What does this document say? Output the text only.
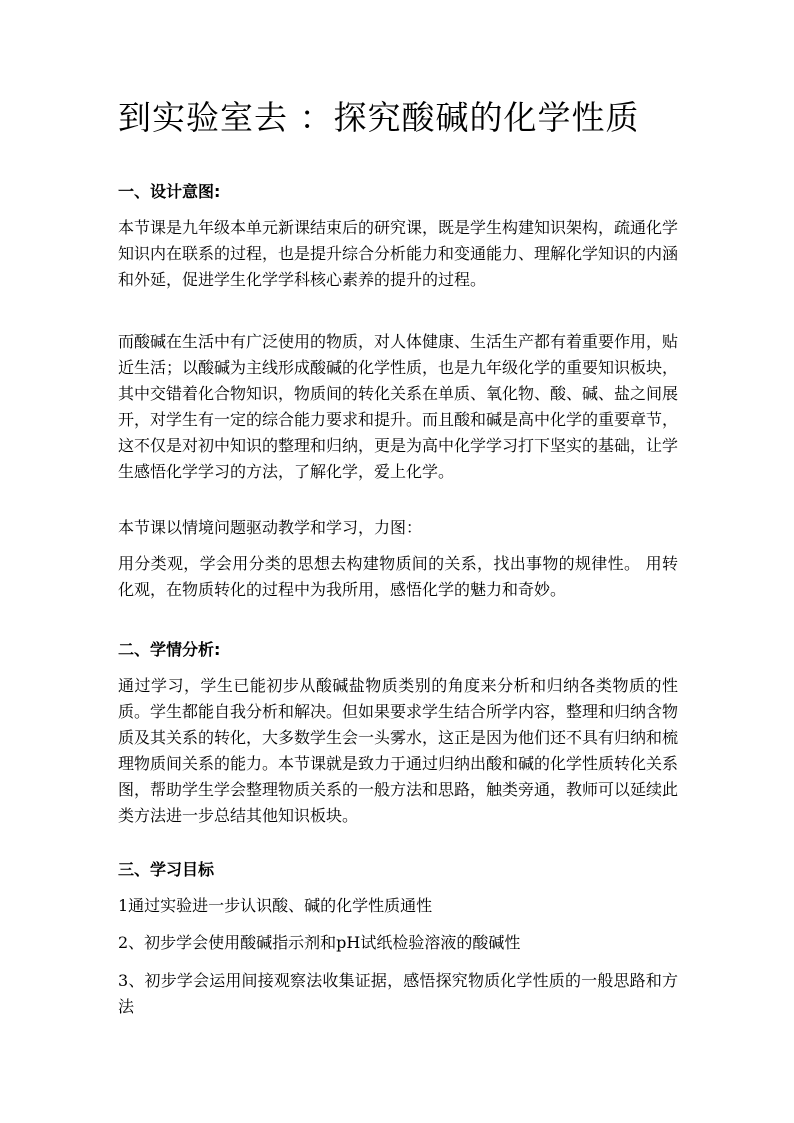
到实验室去 ：探究酸碱的化学性质
一、设计意图:

本节课是九年级本单元新课结束后的研究课，既是学生构建知识架构，疏通化学知识内在联系的过程，也是提升综合分析能力和变通能力、理解化学知识的内涵和外延，促进学生化学学科核心素养的提升的过程。

而酸碱在生活中有广泛使用的物质，对人体健康、生活生产都有着重要作用，贴近生活；以酸碱为主线形成酸碱的化学性质，也是九年级化学的重要知识板块，其中交错着化合物知识，物质间的转化关系在单质、氧化物、酸、碱、盐之间展开，对学生有一定的综合能力要求和提升。而且酸和碱是高中化学的重要章节，这不仅是对初中知识的整理和归纳，更是为高中化学学习打下坚实的基础，让学生感悟化学学习的方法，了解化学，爱上化学。

本节课以情境问题驱动教学和学习，力图：

用分类观，学会用分类的思想去构建物质间的关系，找出事物的规律性。 用转化观，在物质转化的过程中为我所用，感悟化学的魅力和奇妙。

二、学情分析:

通过学习，学生已能初步从酸碱盐物质类别的角度来分析和归纳各类物质的性质。学生都能自我分析和解决。但如果要求学生结合所学内容，整理和归纳含物质及其关系的转化，大多数学生会一头雾水，这正是因为他们还不具有归纳和梳理物质间关系的能力。本节课就是致力于通过归纳出酸和碱的化学性质转化关系图，帮助学生学会整理物质关系的一般方法和思路，触类旁通，教师可以延续此类方法进一步总结其他知识板块。

三、学习目标

1通过实验进一步认识酸、碱的化学性质通性

2、初步学会使用酸碱指示剂和pH试纸检验溶液的酸碱性

3、初步学会运用间接观察法收集证据，感悟探究物质化学性质的一般思路和方法
